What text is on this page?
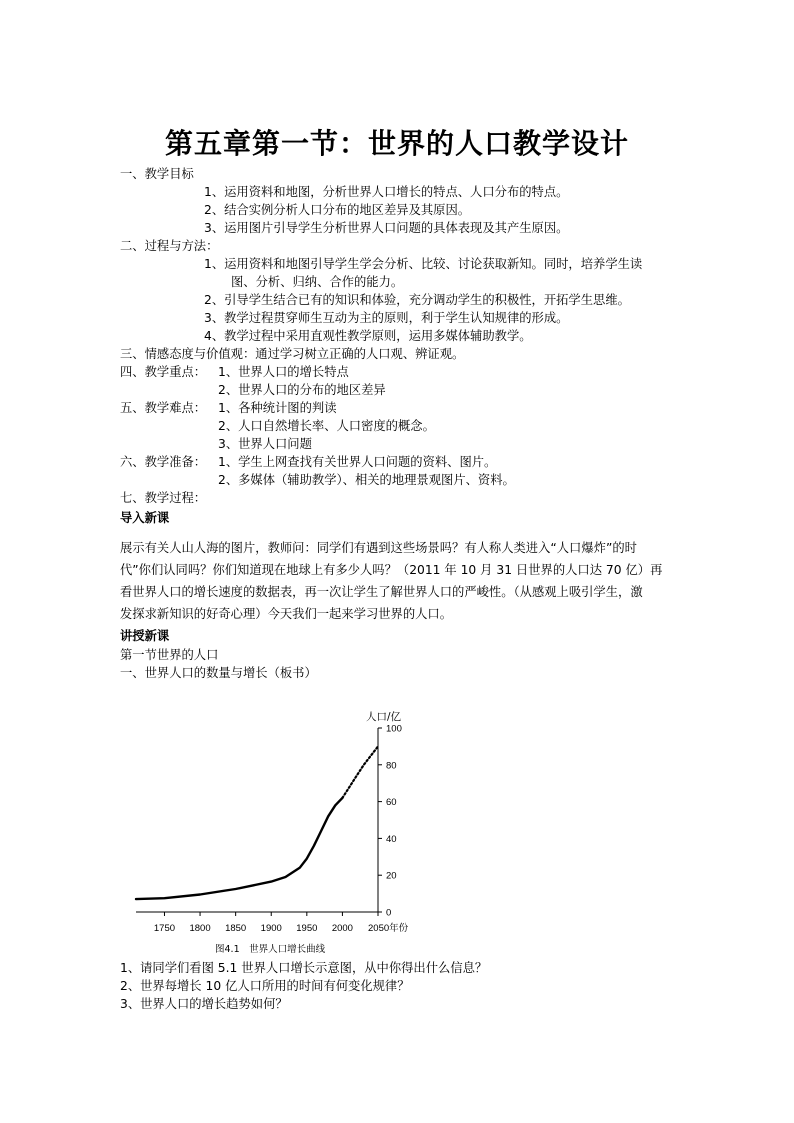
第五章第一节：世界的人口教学设计
一、教学目标
1、运用资料和地图，分析世界人口增长的特点、人口分布的特点。
2、结合实例分析人口分布的地区差异及其原因。
3、运用图片引导学生分析世界人口问题的具体表现及其产生原因。
二、过程与方法：
1、运用资料和地图引导学生学会分析、比较、讨论获取新知。同时，培养学生读
图、分析、归纳、合作的能力。
2、引导学生结合已有的知识和体验，充分调动学生的积极性，开拓学生思维。
3、教学过程贯穿师生互动为主的原则，利于学生认知规律的形成。
4、教学过程中采用直观性教学原则，运用多媒体辅助教学。
三、情感态度与价值观：通过学习树立正确的人口观、辨证观。
四、教学重点： 1、世界人口的增长特点
2、世界人口的分布的地区差异
五、教学难点： 1、各种统计图的判读
2、人口自然增长率、人口密度的概念。
3、世界人口问题
六、教学准备： 1、学生上网查找有关世界人口问题的资料、图片。
2、多媒体（辅助教学）、相关的地理景观图片、资料。
七、教学过程：
导入新课
展示有关人山人海的图片，教师问：同学们有遇到这些场景吗？有人称人类进入“人口爆炸”的时
代”你们认同吗？你们知道现在地球上有多少人吗？（2011 年 10 月 31 日世界的人口达 70 亿）再
看世界人口的增长速度的数据表，再一次让学生了解世界人口的严峻性。（从感观上吸引学生，激
发探求新知识的好奇心理）今天我们一起来学习世界的人口。
讲授新课
第一节世界的人口
一、世界人口的数量与增长（板书）
1750 1800 1850 1900 1950 2000 2050年份
0
20
40
60
80
100
人口/亿
图4.1　世界人口增长曲线
1、请同学们看图 5.1 世界人口增长示意图，从中你得出什么信息？
2、世界每增长 10 亿人口所用的时间有何变化规律？
3、世界人口的增长趋势如何？
